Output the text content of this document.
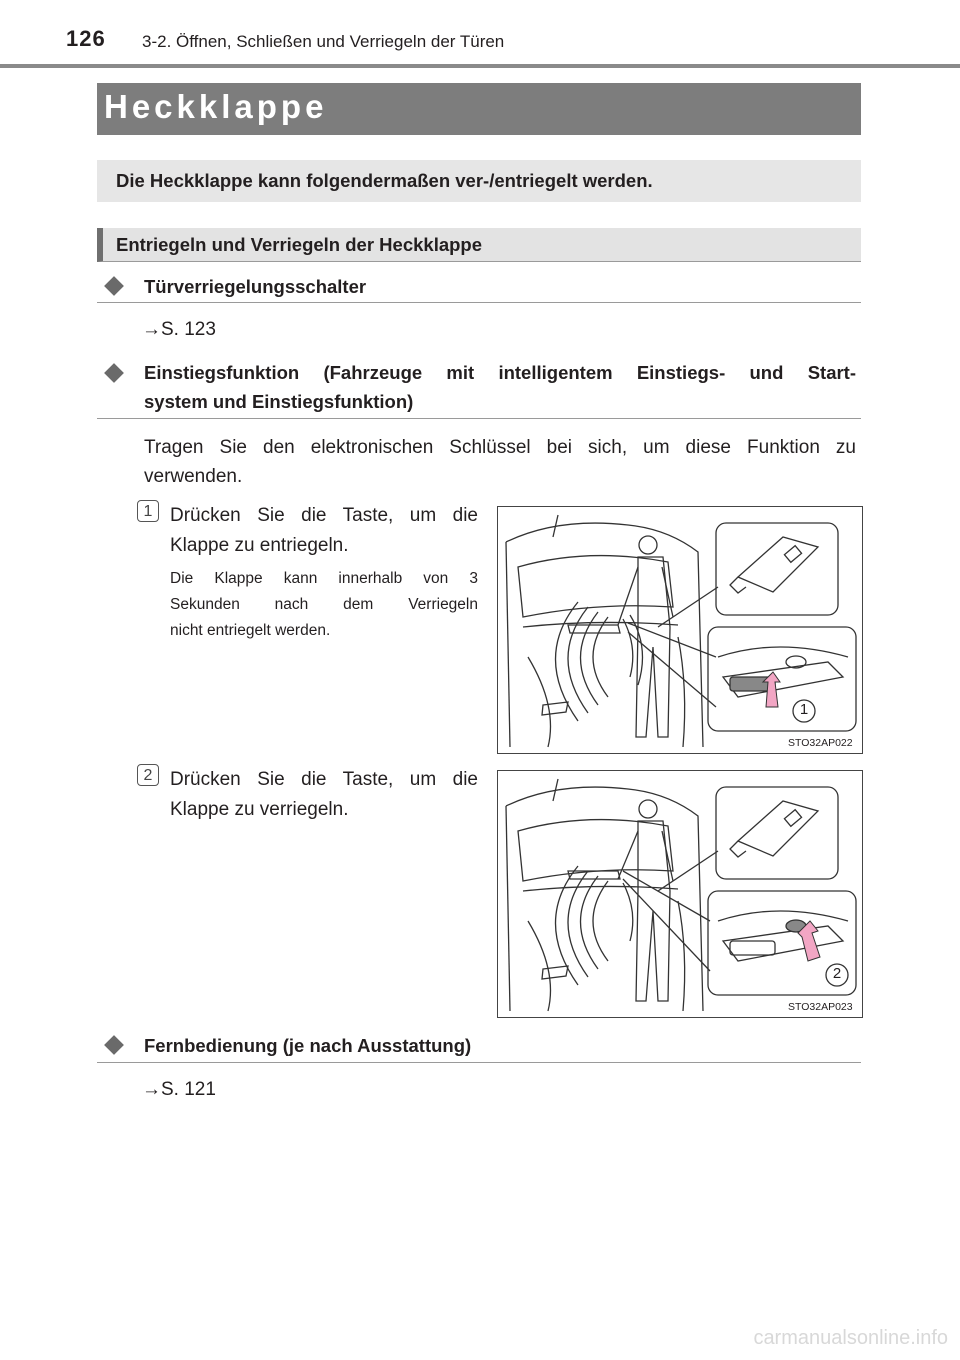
126 3-2. Öffnen, Schließen und Verriegeln der Türen
Heckklappe
Die Heckklappe kann folgendermaßen ver-/entriegelt werden.
Entriegeln und Verriegeln der Heckklappe
Türverriegelungsschalter
→S. 123
Einstiegsfunktion (Fahrzeuge mit intelligentem Einstiegs- und Start-
system und Einstiegsfunktion)
Tragen Sie den elektronischen Schlüssel bei sich, um diese Funktion zu
verwenden.
1 Drücken Sie die Taste, um die
Klappe zu entriegeln.
Die Klappe kann innerhalb von 3
Sekunden nach dem Verriegeln
nicht entriegelt werden.
1
STO32AP022
2 Drücken Sie die Taste, um die
Klappe zu verriegeln.
2
STO32AP023
Fernbedienung (je nach Ausstattung)
→S. 121
carmanualsonline.info
